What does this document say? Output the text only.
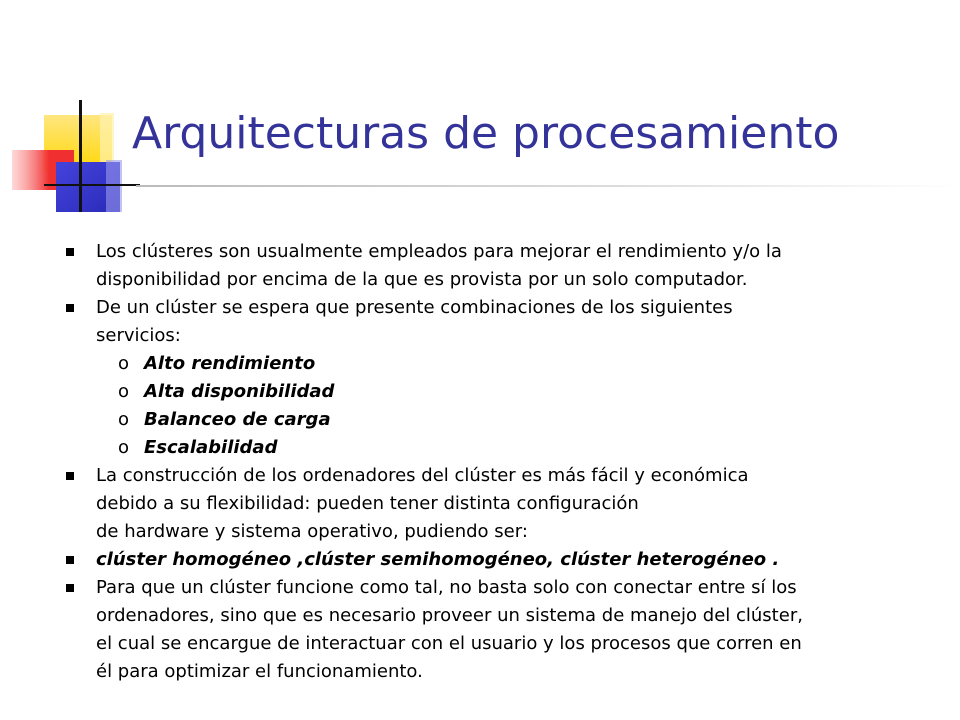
Arquitecturas de procesamiento
Los clústeres son usualmente empleados para mejorar el rendimiento y/o la
disponibilidad por encima de la que es provista por un solo computador.
De un clúster se espera que presente combinaciones de los siguientes
servicios:
o Alto rendimiento
o Alta disponibilidad
o Balanceo de carga
o Escalabilidad
La construcción de los ordenadores del clúster es más fácil y económica
debido a su flexibilidad: pueden tener distinta configuración
de hardware y sistema operativo, pudiendo ser:
clúster homogéneo ,clúster semihomogéneo, clúster heterogéneo .
Para que un clúster funcione como tal, no basta solo con conectar entre sí los
ordenadores, sino que es necesario proveer un sistema de manejo del clúster,
el cual se encargue de interactuar con el usuario y los procesos que corren en
él para optimizar el funcionamiento.
